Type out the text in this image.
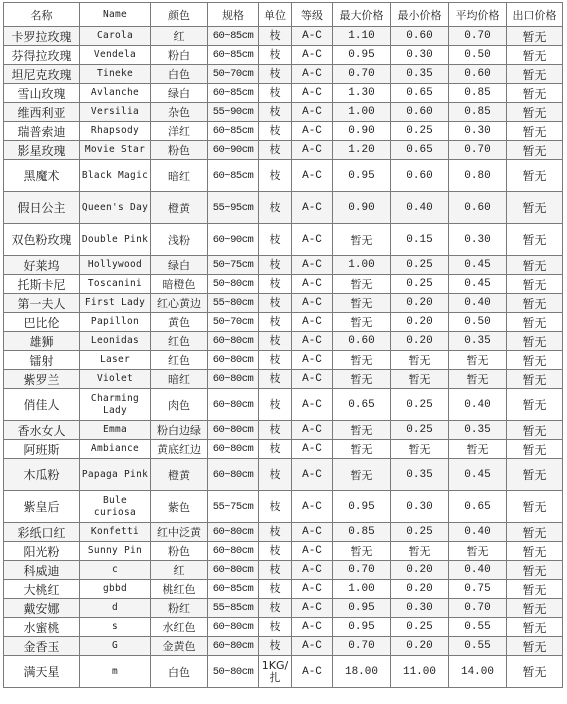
名称	Name	颜色	规格	单位	等级	最大价格	最小价格	平均价格	出口价格
卡罗拉玫瑰	Carola	红	60~85cm	枝	A-C	1.10	0.60	0.70	暂无
芬得拉玫瑰	Vendela	粉白	60~85cm	枝	A-C	0.95	0.30	0.50	暂无
坦尼克玫瑰	Tineke	白色	50~70cm	枝	A-C	0.70	0.35	0.60	暂无
雪山玫瑰	Avlanche	绿白	60~85cm	枝	A-C	1.30	0.65	0.85	暂无
维西利亚	Versilia	杂色	55~90cm	枝	A-C	1.00	0.60	0.85	暂无
瑞普索迪	Rhapsody	洋红	60~85cm	枝	A-C	0.90	0.25	0.30	暂无
影星玫瑰	Movie Star	粉色	60~90cm	枝	A-C	1.20	0.65	0.70	暂无
黑魔术	Black Magic	暗红	60~85cm	枝	A-C	0.95	0.60	0.80	暂无
假日公主	Queen's Day	橙黄	55~95cm	枝	A-C	0.90	0.40	0.60	暂无
双色粉玫瑰	Double Pink	浅粉	60~90cm	枝	A-C	暂无	0.15	0.30	暂无
好莱坞	Hollywood	绿白	50~75cm	枝	A-C	1.00	0.25	0.45	暂无
托斯卡尼	Toscanini	暗橙色	50~80cm	枝	A-C	暂无	0.25	0.45	暂无
第一夫人	First Lady	红心黄边	55~80cm	枝	A-C	暂无	0.20	0.40	暂无
巴比伦	Papillon	黄色	50~70cm	枝	A-C	暂无	0.20	0.50	暂无
雄狮	Leonidas	红色	60~80cm	枝	A-C	0.60	0.20	0.35	暂无
镭射	Laser	红色	60~80cm	枝	A-C	暂无	暂无	暂无	暂无
紫罗兰	Violet	暗红	60~80cm	枝	A-C	暂无	暂无	暂无	暂无
俏佳人	Charming Lady	肉色	60~80cm	枝	A-C	0.65	0.25	0.40	暂无
香水女人	Emma	粉白边绿	60~80cm	枝	A-C	暂无	0.25	0.35	暂无
阿班斯	Ambiance	黄底红边	60~80cm	枝	A-C	暂无	暂无	暂无	暂无
木瓜粉	Papaga Pink	橙黄	60~80cm	枝	A-C	暂无	0.35	0.45	暂无
紫皇后	Bule curiosa	紫色	55~75cm	枝	A-C	0.95	0.30	0.65	暂无
彩纸口红	Konfetti	红中泛黄	60~80cm	枝	A-C	0.85	0.25	0.40	暂无
阳光粉	Sunny Pin	粉色	60~80cm	枝	A-C	暂无	暂无	暂无	暂无
科威迪	c	红	60~80cm	枝	A-C	0.70	0.20	0.40	暂无
大桃红	gbbd	桃红色	60~85cm	枝	A-C	1.00	0.20	0.75	暂无
戴安娜	d	粉红	55~85cm	枝	A-C	0.95	0.30	0.70	暂无
水蜜桃	s	水红色	60~80cm	枝	A-C	0.95	0.25	0.55	暂无
金香玉	G	金黄色	60~80cm	枝	A-C	0.70	0.20	0.55	暂无
满天星	m	白色	50~80cm	1KG/扎	A-C	18.00	11.00	14.00	暂无
